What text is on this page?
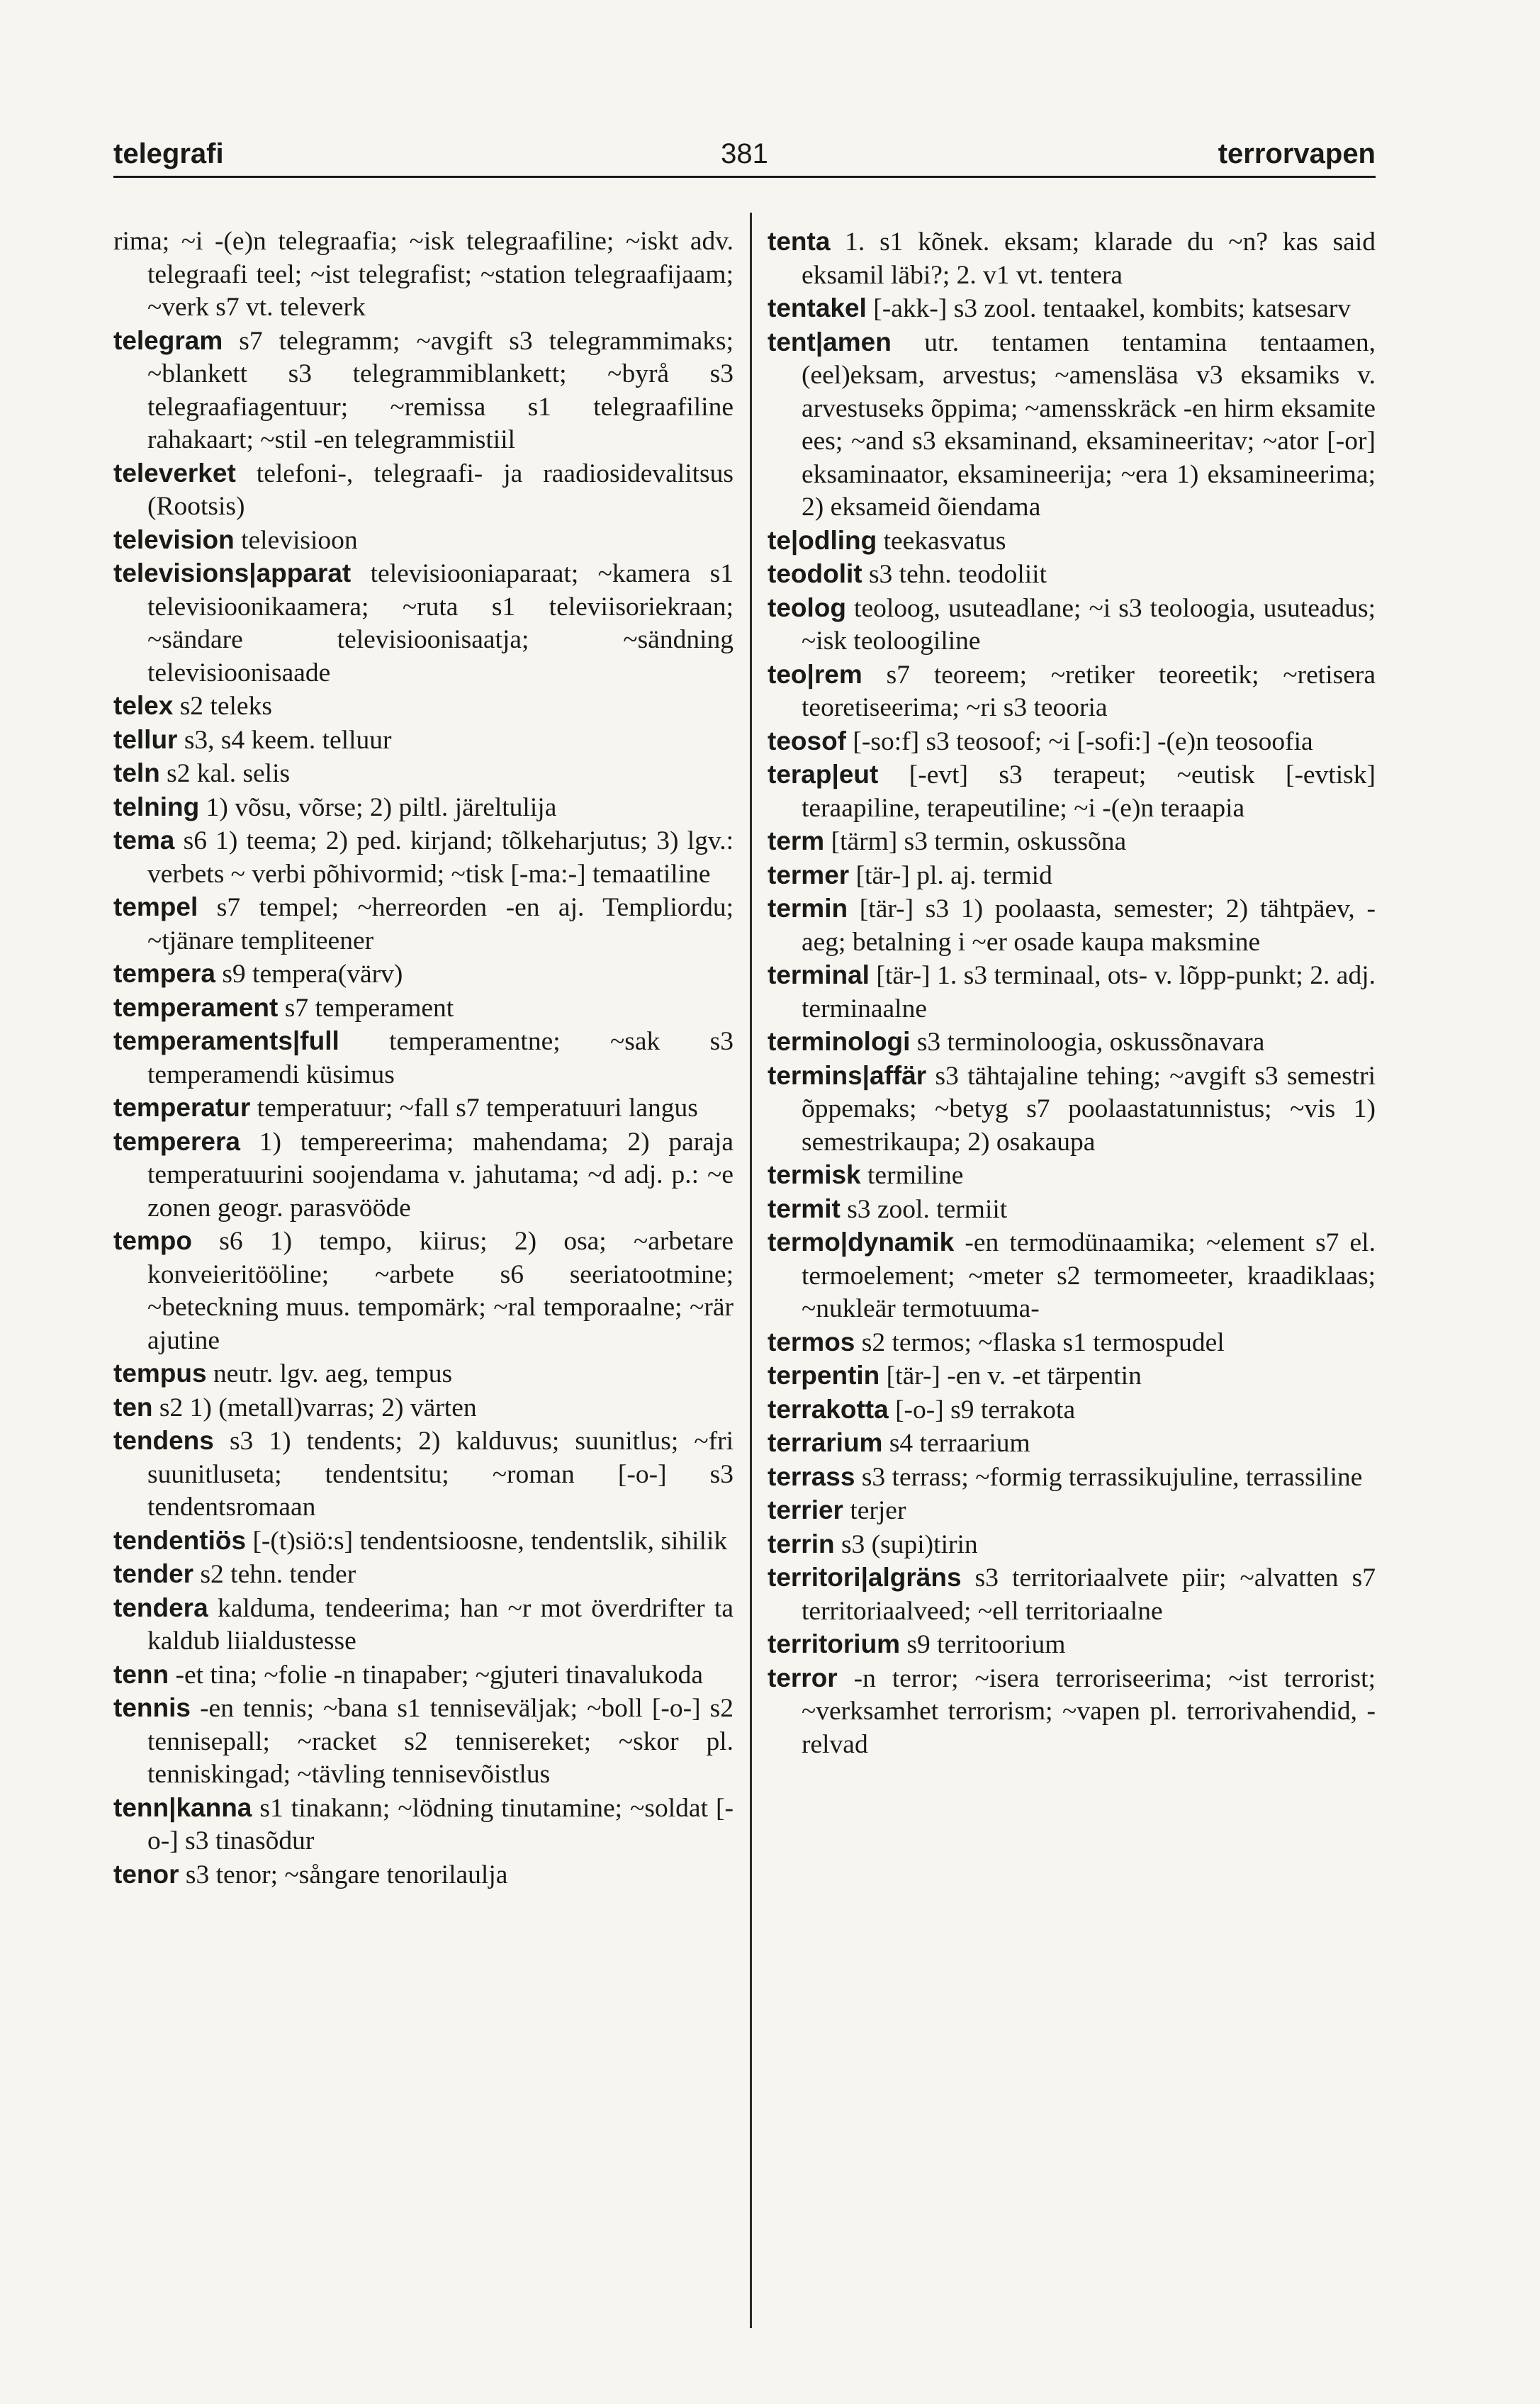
telegrafi	381	terrorvapen

rima; ~i -(e)n telegraafia; ~isk telegraafiline; ~iskt adv. telegraafi teel; ~ist telegrafist; ~station telegraafijaam; ~verk s7 vt. televerk

telegram s7 telegramm; ~avgift s3 telegrammimaks; ~blankett s3 telegrammiblankett; ~byrå s3 telegraafiagentuur; ~remissa s1 telegraafiline rahakaart; ~stil -en telegrammistiil

televerket telefoni-, telegraafi- ja raadiosidevalitsus (Rootsis)

television televisioon

televisions|apparat televisiooniaparaat; ~kamera s1 televisioonikaamera; ~ruta s1 televiisoriekraan; ~sändare televisioonisaatja; ~sändning televisioonisaade

telex s2 teleks

tellur s3, s4 keem. telluur

teln s2 kal. selis

telning 1) võsu, võrse; 2) piltl. järeltulija

tema s6 1) teema; 2) ped. kirjand; tõlkeharjutus; 3) lgv.: verbets ~ verbi põhivormid; ~tisk [-ma:-] temaatiline

tempel s7 tempel; ~herreorden -en aj. Templiordu; ~tjänare templiteener

tempera s9 tempera(värv)

temperament s7 temperament

temperaments|full temperamentne; ~sak s3 temperamendi küsimus

temperatur temperatuur; ~fall s7 temperatuuri langus

temperera 1) tempereerima; mahendama; 2) paraja temperatuurini soojendama v. jahutama; ~d adj. p.: ~e zonen geogr. parasvööde

tempo s6 1) tempo, kiirus; 2) osa; ~arbetare konveieritööline; ~arbete s6 seeriatootmine; ~beteckning muus. tempomärk; ~ral temporaalne; ~rär ajutine

tempus neutr. lgv. aeg, tempus

ten s2 1) (metall)varras; 2) värten

tendens s3 1) tendents; 2) kalduvus; suunitlus; ~fri suunitluseta; tendentsitu; ~roman [-o-] s3 tendentsromaan

tendentiös [-(t)siö:s] tendentsioosne, tendentslik, sihilik

tender s2 tehn. tender

tendera kalduma, tendeerima; han ~r mot överdrifter ta kaldub liialdustesse

tenn -et tina; ~folie -n tinapaber; ~gjuteri tinavalukoda

tennis -en tennis; ~bana s1 tenniseväljak; ~boll [-o-] s2 tennisepall; ~racket s2 tennisereket; ~skor pl. tenniskingad; ~tävling tennisevõistlus

tenn|kanna s1 tinakann; ~lödning tinutamine; ~soldat [-o-] s3 tinasõdur

tenor s3 tenor; ~sångare tenorilaulja

tenta 1. s1 kõnek. eksam; klarade du ~n? kas said eksamil läbi?; 2. v1 vt. tentera

tentakel [-akk-] s3 zool. tentaakel, kombits; katsesarv

tent|amen utr. tentamen tentamina tentaamen, (eel)eksam, arvestus; ~amensläsa v3 eksamiks v. arvestuseks õppima; ~amensskräck -en hirm eksamite ees; ~and s3 eksaminand, eksamineeritav; ~ator [-or] eksaminaator, eksamineerija; ~era 1) eksamineerima; 2) eksameid õiendama

te|odling teekasvatus

teodolit s3 tehn. teodoliit

teolog teoloog, usuteadlane; ~i s3 teoloogia, usuteadus; ~isk teoloogiline

teo|rem s7 teoreem; ~retiker teoreetik; ~retisera teoretiseerima; ~ri s3 teooria

teosof [-so:f] s3 teosoof; ~i [-sofi:] -(e)n teosoofia

terap|eut [-evt] s3 terapeut; ~eutisk [-evtisk] teraapiline, terapeutiline; ~i -(e)n teraapia

term [tärm] s3 termin, oskussõna

termer [tär-] pl. aj. termid

termin [tär-] s3 1) poolaasta, semester; 2) tähtpäev, -aeg; betalning i ~er osade kaupa maksmine

terminal [tär-] 1. s3 terminaal, ots- v. lõpp-punkt; 2. adj. terminaalne

terminologi s3 terminoloogia, oskussõnavara

termins|affär s3 tähtajaline tehing; ~avgift s3 semestri õppemaks; ~betyg s7 poolaastatunnistus; ~vis 1) semestrikaupa; 2) osakaupa

termisk termiline

termit s3 zool. termiit

termo|dynamik -en termodünaamika; ~element s7 el. termoelement; ~meter s2 termomeeter, kraadiklaas; ~nukleär termotuuma-

termos s2 termos; ~flaska s1 termospudel

terpentin [tär-] -en v. -et tärpentin

terrakotta [-o-] s9 terrakota

terrarium s4 terraarium

terrass s3 terrass; ~formig terrassikujuline, terrassiline

terrier terjer

terrin s3 (supi)tirin

territori|algräns s3 territoriaalvete piir; ~alvatten s7 territoriaalveed; ~ell territoriaalne

territorium s9 territoorium

terror -n terror; ~isera terroriseerima; ~ist terrorist; ~verksamhet terrorism; ~vapen pl. terrorivahendid, -relvad
